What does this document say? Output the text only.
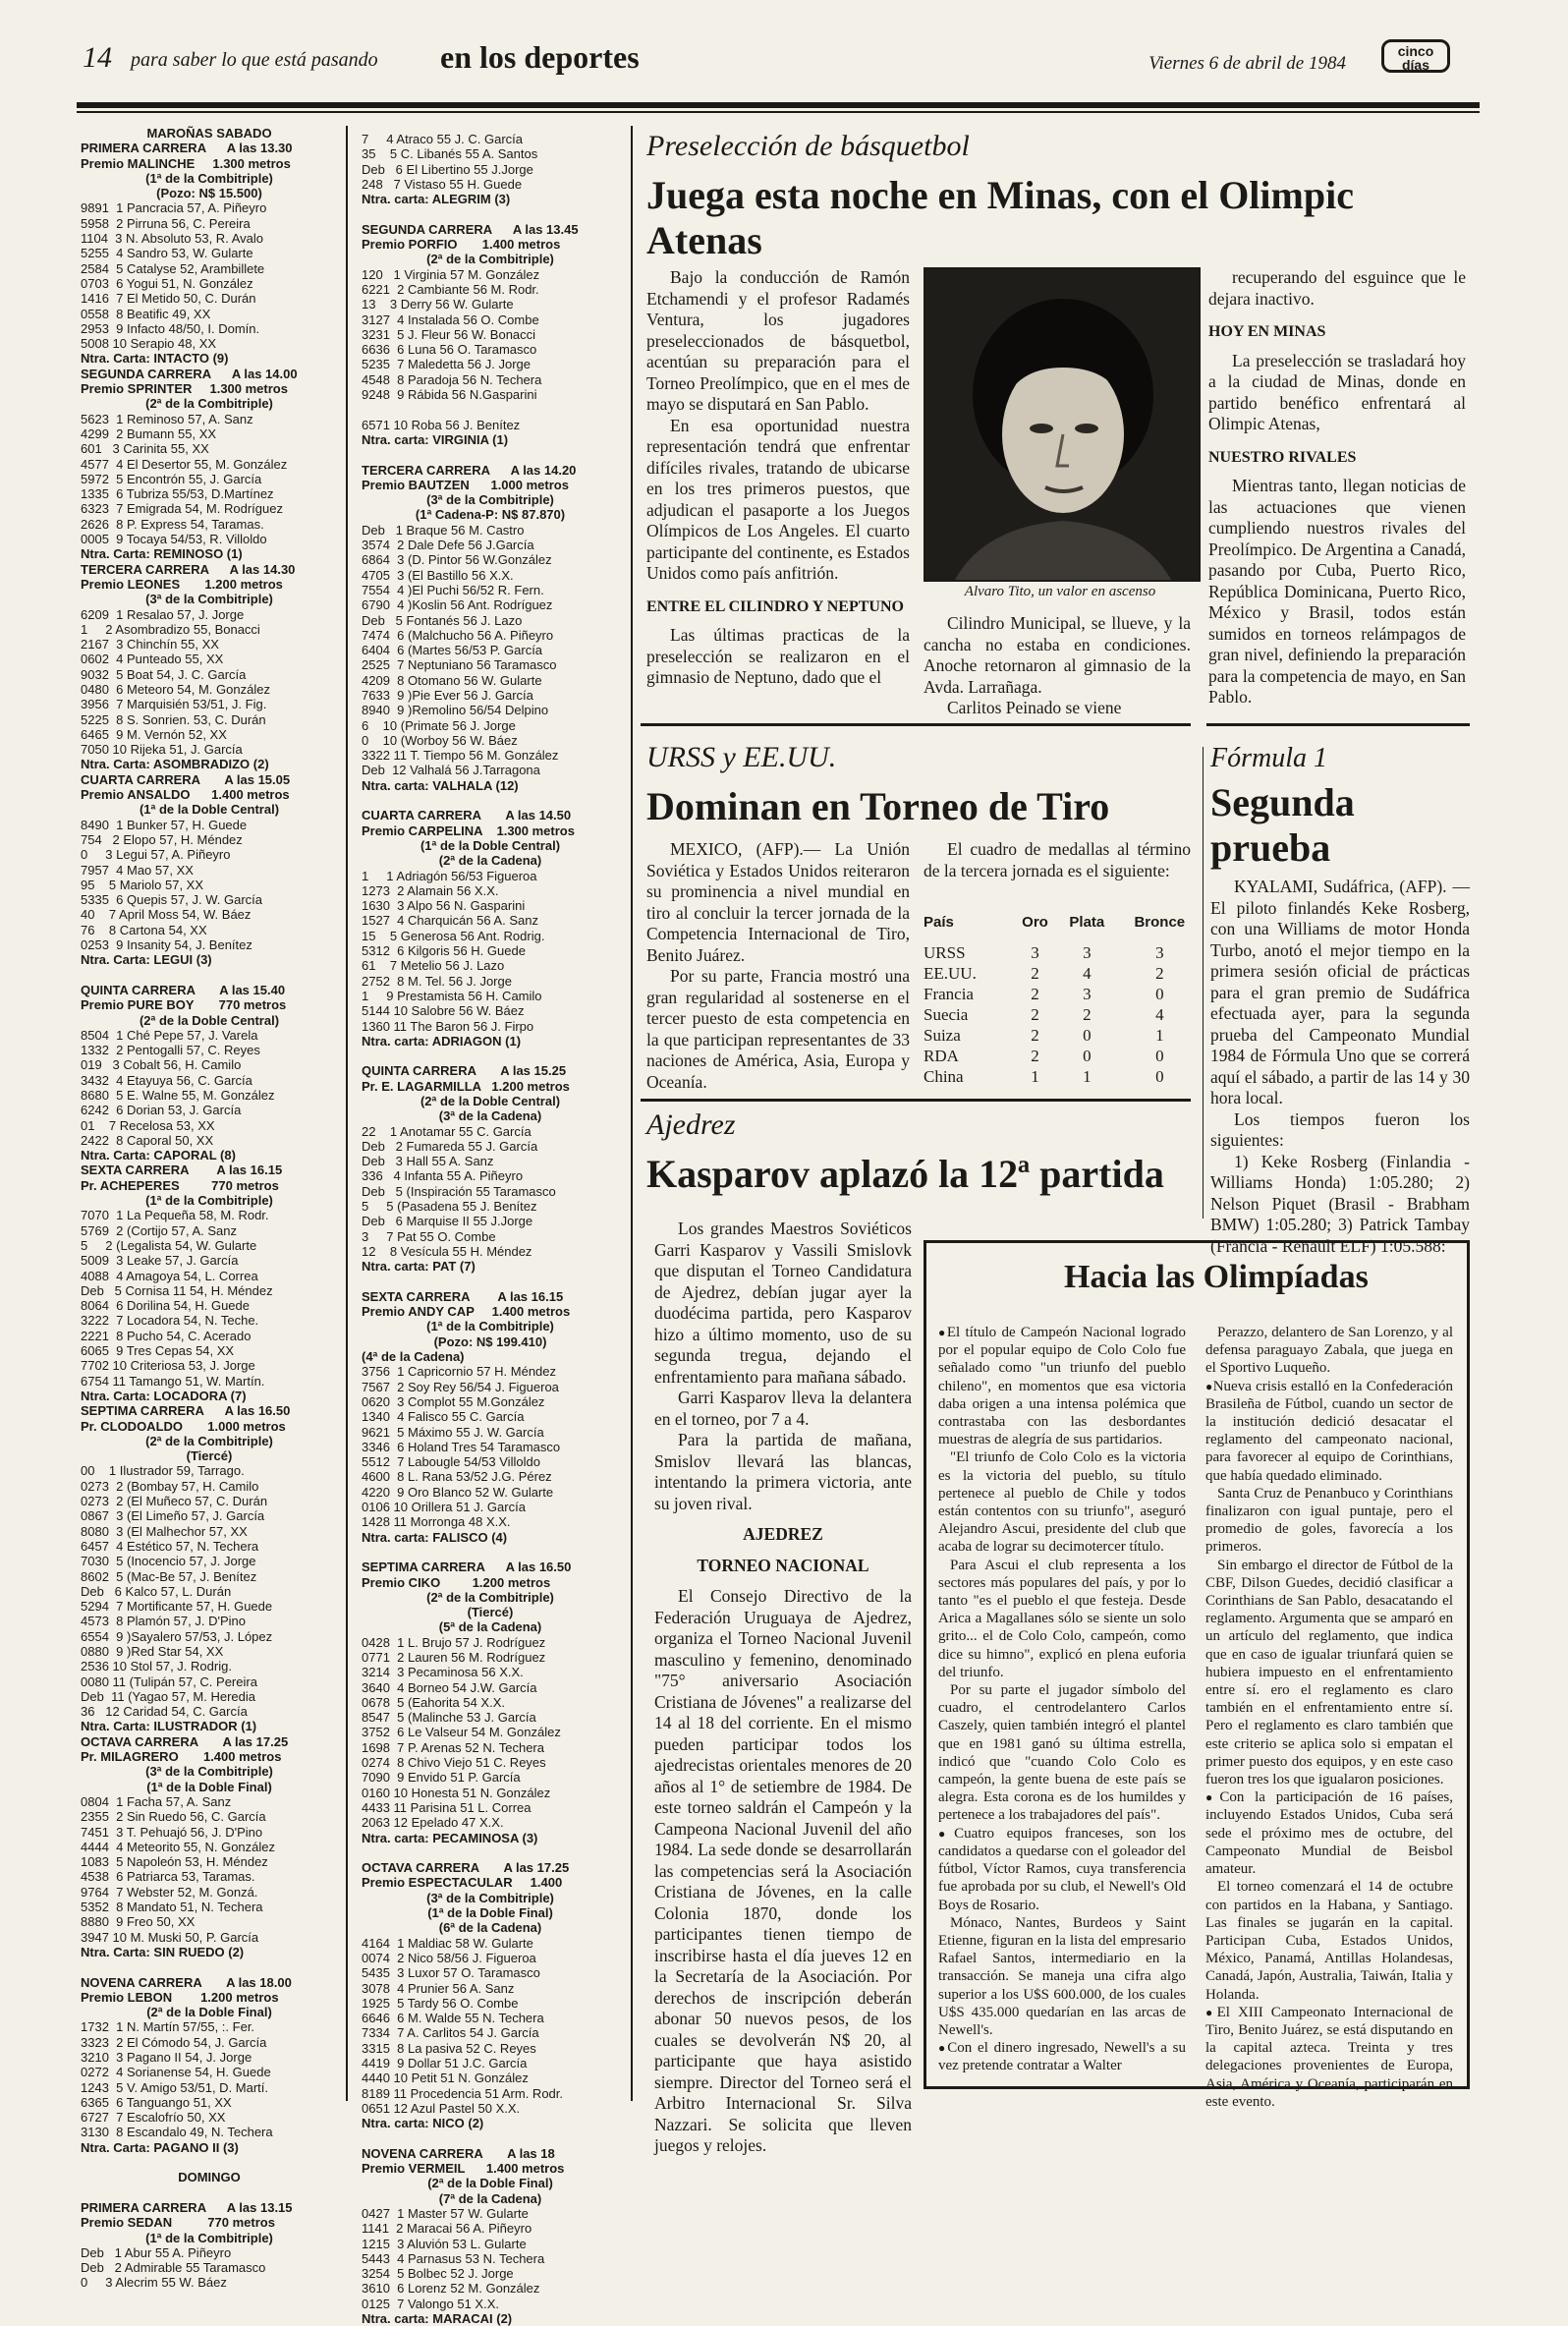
14 para saber lo que está pasando en los deportes	Viernes 6 de abril de 1984
cinco
días
MAROÑAS SABADO
PRIMERA CARRERA      A las 13.30
Premio MALINCHE     1.300 metros
(1ª de la Combitriple)
(Pozo: N$ 15.500)
9891  1 Pancracia 57, A. Piñeyro
5958  2 Pirruna 56, C. Pereira
1104  3 N. Absoluto 53, R. Avalo
5255  4 Sandro 53, W. Gularte
2584  5 Catalyse 52, Arambillete
0703  6 Yogui 51, N. González
1416  7 El Metido 50, C. Durán
0558  8 Beatific 49, XX
2953  9 Infacto 48/50, I. Domín.
5008 10 Serapio 48, XX
Ntra. Carta: INTACTO (9)
SEGUNDA CARRERA      A las 14.00
Premio SPRINTER     1.300 metros
(2ª de la Combitriple)
5623  1 Reminoso 57, A. Sanz
4299  2 Bumann 55, XX
601   3 Carinita 55, XX
4577  4 El Desertor 55, M. González
5972  5 Encontrón 55, J. García
1335  6 Tubriza 55/53, D.Martínez
6323  7 Emigrada 54, M. Rodríguez
2626  8 P. Express 54, Taramas.
0005  9 Tocaya 54/53, R. Villoldo
Ntra. Carta: REMINOSO (1)
TERCERA CARRERA      A las 14.30
Premio LEONES       1.200 metros
(3ª de la Combitriple)
6209  1 Resalao 57, J. Jorge
1     2 Asombradizo 55, Bonacci
2167  3 Chinchín 55, XX
0602  4 Punteado 55, XX
9032  5 Boat 54, J. C. García
0480  6 Meteoro 54, M. González
3956  7 Marquisién 53/51, J. Fig.
5225  8 S. Sonrien. 53, C. Durán
6465  9 M. Vernón 52, XX
7050 10 Rijeka 51, J. García
Ntra. Carta: ASOMBRADIZO (2)
CUARTA CARRERA       A las 15.05
Premio ANSALDO      1.400 metros
(1ª de la Doble Central)
8490  1 Bunker 57, H. Guede
754   2 Elopo 57, H. Méndez
0     3 Legui 57, A. Piñeyro
7957  4 Mao 57, XX
95    5 Mariolo 57, XX
5335  6 Quepis 57, J. W. García
40    7 April Moss 54, W. Báez
76    8 Cartona 54, XX
0253  9 Insanity 54, J. Benítez
Ntra. Carta: LEGUI (3)
QUINTA CARRERA       A las 15.40
Premio PURE BOY       770 metros
(2ª de la Doble Central)
8504  1 Ché Pepe 57, J. Varela
1332  2 Pentogalli 57, C. Reyes
019   3 Cobalt 56, H. Camilo
3432  4 Etayuya 56, C. García
8680  5 E. Walne 55, M. González
6242  6 Dorian 53, J. García
01    7 Recelosa 53, XX
2422  8 Caporal 50, XX
Ntra. Carta: CAPORAL (8)
SEXTA CARRERA        A las 16.15
Pr. ACHEPERES         770 metros
(1ª de la Combitriple)
7070  1 La Pequeña 58, M. Rodr.
5769  2 (Cortijo 57, A. Sanz
5     2 (Legalista 54, W. Gularte
5009  3 Leake 57, J. García
4088  4 Amagoya 54, L. Correa
Deb   5 Cornisa 11 54, H. Méndez
8064  6 Dorilina 54, H. Guede
3222  7 Locadora 54, N. Teche.
2221  8 Pucho 54, C. Acerado
6065  9 Tres Cepas 54, XX
7702 10 Criteriosa 53, J. Jorge
6754 11 Tamango 51, W. Martín.
Ntra. Carta: LOCADORA (7)
SEPTIMA CARRERA      A las 16.50
Pr. CLODOALDO       1.000 metros
(2ª de la Combitriple)
(Tiercé)
00    1 Ilustrador 59, Tarrago.
0273  2 (Bombay 57, H. Camilo
0273  2 (El Muñeco 57, C. Durán
0867  3 (El Limeño 57, J. García
8080  3 (El Malhechor 57, XX
6457  4 Estético 57, N. Techera
7030  5 (Inocencio 57, J. Jorge
8602  5 (Mac-Be 57, J. Benítez
Deb   6 Kalco 57, L. Durán
5294  7 Mortificante 57, H. Guede
4573  8 Plamón 57, J. D'Pino
6554  9 )Sayalero 57/53, J. López
0880  9 )Red Star 54, XX
2536 10 Stol 57, J. Rodrig.
0080 11 (Tulipán 57, C. Pereira
Deb  11 (Yagao 57, M. Heredia
36   12 Caridad 54, C. García
Ntra. Carta: ILUSTRADOR (1)
OCTAVA CARRERA       A las 17.25
Pr. MILAGRERO       1.400 metros
(3ª de la Combitriple)
(1ª de la Doble Final)
0804  1 Facha 57, A. Sanz
2355  2 Sin Ruedo 56, C. García
7451  3 T. Pehuajó 56, J. D'Pino
4444  4 Meteorito 55, N. González
1083  5 Napoleón 53, H. Méndez
4538  6 Patriarca 53, Taramas.
9764  7 Webster 52, M. Gonzá.
5352  8 Mandato 51, N. Techera
8880  9 Freo 50, XX
3947 10 M. Muski 50, P. García
Ntra. Carta: SIN RUEDO (2)
NOVENA CARRERA       A las 18.00
Premio LEBON        1.200 metros
(2ª de la Doble Final)
1732  1 N. Martín 57/55, :. Fer.
3323  2 El Cómodo 54, J. García
3210  3 Pagano II 54, J. Jorge
0272  4 Sorianense 54, H. Guede
1243  5 V. Amigo 53/51, D. Martí.
6365  6 Tanguango 51, XX
6727  7 Escalofrío 50, XX
3130  8 Escandalo 49, N. Techera
Ntra. Carta: PAGANO II (3)
DOMINGO
PRIMERA CARRERA      A las 13.15
Premio SEDAN          770 metros
(1ª de la Combitriple)
Deb   1 Abur 55 A. Piñeyro
Deb   2 Admirable 55 Taramasco
0     3 Alecrim 55 W. Báez
7     4 Atraco 55 J. C. García
35    5 C. Libanés 55 A. Santos
Deb   6 El Libertino 55 J.Jorge
248   7 Vistaso 55 H. Guede
Ntra. carta: ALEGRIM (3)
SEGUNDA CARRERA      A las 13.45
Premio PORFIO       1.400 metros
(2ª de la Combitriple)
120   1 Virginia 57 M. González
6221  2 Cambiante 56 M. Rodr.
13    3 Derry 56 W. Gularte
3127  4 Instalada 56 O. Combe
3231  5 J. Fleur 56 W. Bonacci
6636  6 Luna 56 O. Taramasco
5235  7 Maledetta 56 J. Jorge
4548  8 Paradoja 56 N. Techera
9248  9 Rábida 56 N.Gasparini
6571 10 Roba 56 J. Benítez
Ntra. carta: VIRGINIA (1)
TERCERA CARRERA      A las 14.20
Premio BAUTZEN      1.000 metros
(3ª de la Combitriple)
(1ª Cadena-P: N$ 87.870)
Deb   1 Braque 56 M. Castro
3574  2 Dale Defe 56 J.García
6864  3 (D. Pintor 56 W.González
4705  3 (El Bastillo 56 X.X.
7554  4 )El Puchi 56/52 R. Fern.
6790  4 )Koslin 56 Ant. Rodríguez
Deb   5 Fontanés 56 J. Lazo
7474  6 (Malchucho 56 A. Piñeyro
6404  6 (Martes 56/53 P. García
2525  7 Neptuniano 56 Taramasco
4209  8 Otomano 56 W. Gularte
7633  9 )Pie Ever 56 J. García
8940  9 )Remolino 56/54 Delpino
6    10 (Primate 56 J. Jorge
0    10 (Worboy 56 W. Báez
3322 11 T. Tiempo 56 M. González
Deb  12 Valhalá 56 J.Tarragona
Ntra. carta: VALHALA (12)
CUARTA CARRERA       A las 14.50
Premio CARPELINA    1.300 metros
(1ª de la Doble Central)
(2ª de la Cadena)
1     1 Adriagón 56/53 Figueroa
1273  2 Alamain 56 X.X.
1630  3 Alpo 56 N. Gasparini
1527  4 Charquicán 56 A. Sanz
15    5 Generosa 56 Ant. Rodrig.
5312  6 Kilgoris 56 H. Guede
61    7 Metelio 56 J. Lazo
2752  8 M. Tel. 56 J. Jorge
1     9 Prestamista 56 H. Camilo
5144 10 Salobre 56 W. Báez
1360 11 The Baron 56 J. Firpo
Ntra. carta: ADRIAGON (1)
QUINTA CARRERA       A las 15.25
Pr. E. LAGARMILLA   1.200 metros
(2ª de la Doble Central)
(3ª de la Cadena)
22    1 Anotamar 55 C. García
Deb   2 Fumareda 55 J. García
Deb   3 Hall 55 A. Sanz
336   4 Infanta 55 A. Piñeyro
Deb   5 (Inspiración 55 Taramasco
5     5 (Pasadena 55 J. Benítez
Deb   6 Marquise II 55 J.Jorge
3     7 Pat 55 O. Combe
12    8 Vesícula 55 H. Méndez
Ntra. carta: PAT (7)
SEXTA CARRERA        A las 16.15
Premio ANDY CAP     1.400 metros
(1ª de la Combitriple)
(Pozo: N$ 199.410)
(4ª de la Cadena)
3756  1 Capricornio 57 H. Méndez
7567  2 Soy Rey 56/54 J. Figueroa
0620  3 Complot 55 M.González
1340  4 Falisco 55 C. García
9621  5 Máximo 55 J. W. García
3346  6 Holand Tres 54 Taramasco
5512  7 Labougle 54/53 Villoldo
4600  8 L. Rana 53/52 J.G. Pérez
4220  9 Oro Blanco 52 W. Gularte
0106 10 Orillera 51 J. García
1428 11 Morronga 48 X.X.
Ntra. carta: FALISCO (4)
SEPTIMA CARRERA      A las 16.50
Premio CIKO         1.200 metros
(2ª de la Combitriple)
(Tiercé)
(5ª de la Cadena)
0428  1 L. Brujo 57 J. Rodríguez
0771  2 Lauren 56 M. Rodríguez
3214  3 Pecaminosa 56 X.X.
3640  4 Borneo 54 J.W. García
0678  5 (Eahorita 54 X.X.
8547  5 (Malinche 53 J. García
3752  6 Le Valseur 54 M. González
1698  7 P. Arenas 52 N. Techera
0274  8 Chivo Viejo 51 C. Reyes
7090  9 Envido 51 P. García
0160 10 Honesta 51 N. González
4433 11 Parisina 51 L. Correa
2063 12 Epelado 47 X.X.
Ntra. carta: PECAMINOSA (3)
OCTAVA CARRERA       A las 17.25
Premio ESPECTACULAR     1.400
(3ª de la Combitriple)
(1ª de la Doble Final)
(6ª de la Cadena)
4164  1 Maldiac 58 W. Gularte
0074  2 Nico 58/56 J. Figueroa
5435  3 Luxor 57 O. Taramasco
3078  4 Prunier 56 A. Sanz
1925  5 Tardy 56 O. Combe
6646  6 M. Walde 55 N. Techera
7334  7 A. Carlitos 54 J. García
3315  8 La pasiva 52 C. Reyes
4419  9 Dollar 51 J.C. García
4440 10 Petit 51 N. González
8189 11 Procedencia 51 Arm. Rodr.
0651 12 Azul Pastel 50 X.X.
Ntra. carta: NICO (2)
NOVENA CARRERA       A las 18
Premio VERMEIL      1.400 metros
(2ª de la Doble Final)
(7ª de la Cadena)
0427  1 Master 57 W. Gularte
1141  2 Maracai 56 A. Piñeyro
1215  3 Aluvión 53 L. Gularte
5443  4 Parnasus 53 N. Techera
3254  5 Bolbec 52 J. Jorge
3610  6 Lorenz 52 M. González
0125  7 Valongo 51 X.X.
Ntra. carta: MARACAI (2)
Preselección de básquetbol
Juega esta noche en Minas, con el Olimpic Atenas

Bajo la conducción de Ramón Etchamendi y el profesor Radamés Ventura, los jugadores preseleccionados de básquetbol, acentúan su preparación para el Torneo Preolímpico, que en el mes de mayo se disputará en San Pablo.

En esa oportunidad nuestra representación tendrá que enfrentar difíciles rivales, tratando de ubicarse en los tres primeros puestos, que adjudican el pasaporte a los Juegos Olímpicos de Los Angeles. El cuarto participante del continente, es Estados Unidos como país anfitrión.

ENTRE EL CILINDRO Y NEPTUNO

Las últimas practicas de la preselección se realizaron en el gimnasio de Neptuno, dado que el

Alvaro Tito, un valor en ascenso

Cilindro Municipal, se llueve, y la cancha no estaba en condiciones. Anoche retornaron al gimnasio de la Avda. Larrañaga.

Carlitos Peinado se viene

recuperando del esguince que le dejara inactivo.

HOY EN MINAS

La preselección se trasladará hoy a la ciudad de Minas, donde en partido benéfico enfrentará al Olimpic Atenas,

NUESTRO RIVALES

Mientras tanto, llegan noticias de las actuaciones que vienen cumpliendo nuestros rivales del Preolímpico. De Argentina a Canadá, pasando por Cuba, Puerto Rico, República Dominicana, Puerto Rico, México y Brasil, todos están sumidos en torneos relámpagos de gran nivel, definiendo la preparación para la competencia de mayo, en San Pablo.

URSS y EE.UU.
Dominan en Torneo de Tiro

MEXICO, (AFP).— La Unión Soviética y Estados Unidos reiteraron su prominencia a nivel mundial en tiro al concluir la tercer jornada de la Competencia Internacional de Tiro, Benito Juárez.

Por su parte, Francia mostró una gran regularidad al sostenerse en el tercer puesto de esta competencia en la que participan representantes de 33 naciones de América, Asia, Europa y Oceanía.

El cuadro de medallas al término de la tercera jornada es el siguiente:

País	Oro	Plata	Bronce
URSS	3	3	3
EE.UU.	2	4	2
Francia	2	3	0
Suecia	2	2	4
Suiza	2	0	1
RDA	2	0	0
China	1	1	0
Fórmula 1
Segunda prueba

KYALAMI, Sudáfrica, (AFP). — El piloto finlandés Keke Rosberg, con una Williams de motor Honda Turbo, anotó el mejor tiempo en la primera sesión oficial de prácticas para el gran premio de Sudáfrica efectuada ayer, para la segunda prueba del Campeonato Mundial 1984 de Fórmula Uno que se correrá aquí el sábado, a partir de las 14 y 30 hora local.

Los tiempos fueron los siguientes:

1) Keke Rosberg (Finlandia - Williams Honda) 1:05.280; 2) Nelson Piquet (Brasil - Brabham BMW) 1:05.280; 3) Patrick Tambay (Francia - Renault ELF) 1:05.588:

Ajedrez
Kasparov aplazó la 12ª partida

Los grandes Maestros Soviéticos Garri Kasparov y Vassili Smislovk que disputan el Torneo Candidatura de Ajedrez, debían jugar ayer la duodécima partida, pero Kasparov hizo a último momento, uso de su segunda tregua, dejando el enfrentamiento para mañana sábado.

Garri Kasparov lleva la delantera en el torneo, por 7 a 4.

Para la partida de mañana, Smislov llevará las blancas, intentando la primera victoria, ante su joven rival.

AJEDREZ

TORNEO NACIONAL

El Consejo Directivo de la Federación Uruguaya de Ajedrez, organiza el Torneo Nacional Juvenil masculino y femenino, denominado "75° aniversario Asociación Cristiana de Jóvenes" a realizarse del 14 al 18 del corriente. En el mismo pueden participar todos los ajedrecistas orientales menores de 20 años al 1° de setiembre de 1984. De este torneo saldrán el Campeón y la Campeona Nacional Juvenil del año 1984. La sede donde se desarrollarán las competencias será la Asociación Cristiana de Jóvenes, en la calle Colonia 1870, donde los participantes tienen tiempo de inscribirse hasta el día jueves 12 en la Secretaría de la Asociación. Por derechos de inscripción deberán abonar 50 nuevos pesos, de los cuales se devolverán N$ 20, al participante que haya asistido siempre. Director del Torneo será el Arbitro Internacional Sr. Silva Nazzari. Se solicita que lleven juegos y relojes.

Hacia las Olimpíadas

● El título de Campeón Nacional logrado por el popular equipo de Colo Colo fue señalado como "un triunfo del pueblo chileno", en momentos que esa victoria daba origen a una intensa polémica que contrastaba con las desbordantes muestras de alegría de sus partidarios.

"El triunfo de Colo Colo es la victoria es la victoria del pueblo, su título pertenece al pueblo de Chile y todos están contentos con su triunfo", aseguró Alejandro Ascui, presidente del club que acaba de lograr su decimotercer título.

Para Ascui el club representa a los sectores más populares del país, y por lo tanto "es el pueblo el que festeja. Desde Arica a Magallanes sólo se siente un solo grito... el de Colo Colo, campeón, como dice su himno", explicó en plena euforia del triunfo.

Por su parte el jugador símbolo del cuadro, el centrodelantero Carlos Caszely, quien también integró el plantel que en 1981 ganó su última estrella, indicó que "cuando Colo Colo es campeón, la gente buena de este país se alegra. Esta corona es de los humildes y pertenece a los trabajadores del país".

● Cuatro equipos franceses, son los candidatos a quedarse con el goleador del fútbol, Víctor Ramos, cuya transferencia fue aprobada por su club, el Newell's Old Boys de Rosario.

Mónaco, Nantes, Burdeos y Saint Etienne, figuran en la lista del empresario Rafael Santos, intermediario en la transacción. Se maneja una cifra algo superior a los U$S 600.000, de los cuales U$S 435.000 quedarían en las arcas de Newell's.

● Con el dinero ingresado, Newell's a su vez pretende contratar a Walter

Perazzo, delantero de San Lorenzo, y al defensa paraguayo Zabala, que juega en el Sportivo Luqueño.

● Nueva crisis estalló en la Confederación Brasileña de Fútbol, cuando un sector de la institución dedició desacatar el reglamento del campeonato nacional, para favorecer al equipo de Corinthians, que había quedado eliminado.

Santa Cruz de Penanbuco y Corinthians finalizaron con igual puntaje, pero el promedio de goles, favorecía a los primeros.

Sin embargo el director de Fútbol de la CBF, Dilson Guedes, decidió clasificar a Corinthians de San Pablo, desacatando el reglamento. Argumenta que se amparó en un artículo del reglamento, que indica que en caso de igualar triunfará quien se hubiera impuesto en el enfrentamiento entre sí. ero el reglamento es claro también en el enfrentamiento entre sí. Pero el reglamento es claro también que este criterio se aplica solo si empatan el primer puesto dos equipos, y en este caso fueron tres los que igualaron posiciones.

● Con la participación de 16 países, incluyendo Estados Unidos, Cuba será sede el próximo mes de octubre, del Campeonato Mundial de Beisbol amateur.

El torneo comenzará el 14 de octubre con partidos en la Habana, y Santiago. Las finales se jugarán en la capital. Participan Cuba, Estados Unidos, México, Panamá, Antillas Holandesas, Canadá, Japón, Australia, Taiwán, Italia y Holanda.

● El XIII Campeonato Internacional de Tiro, Benito Juárez, se está disputando en la capital azteca. Treinta y tres delegaciones provenientes de Europa, Asia, América y Oceanía, participarán en este evento.
